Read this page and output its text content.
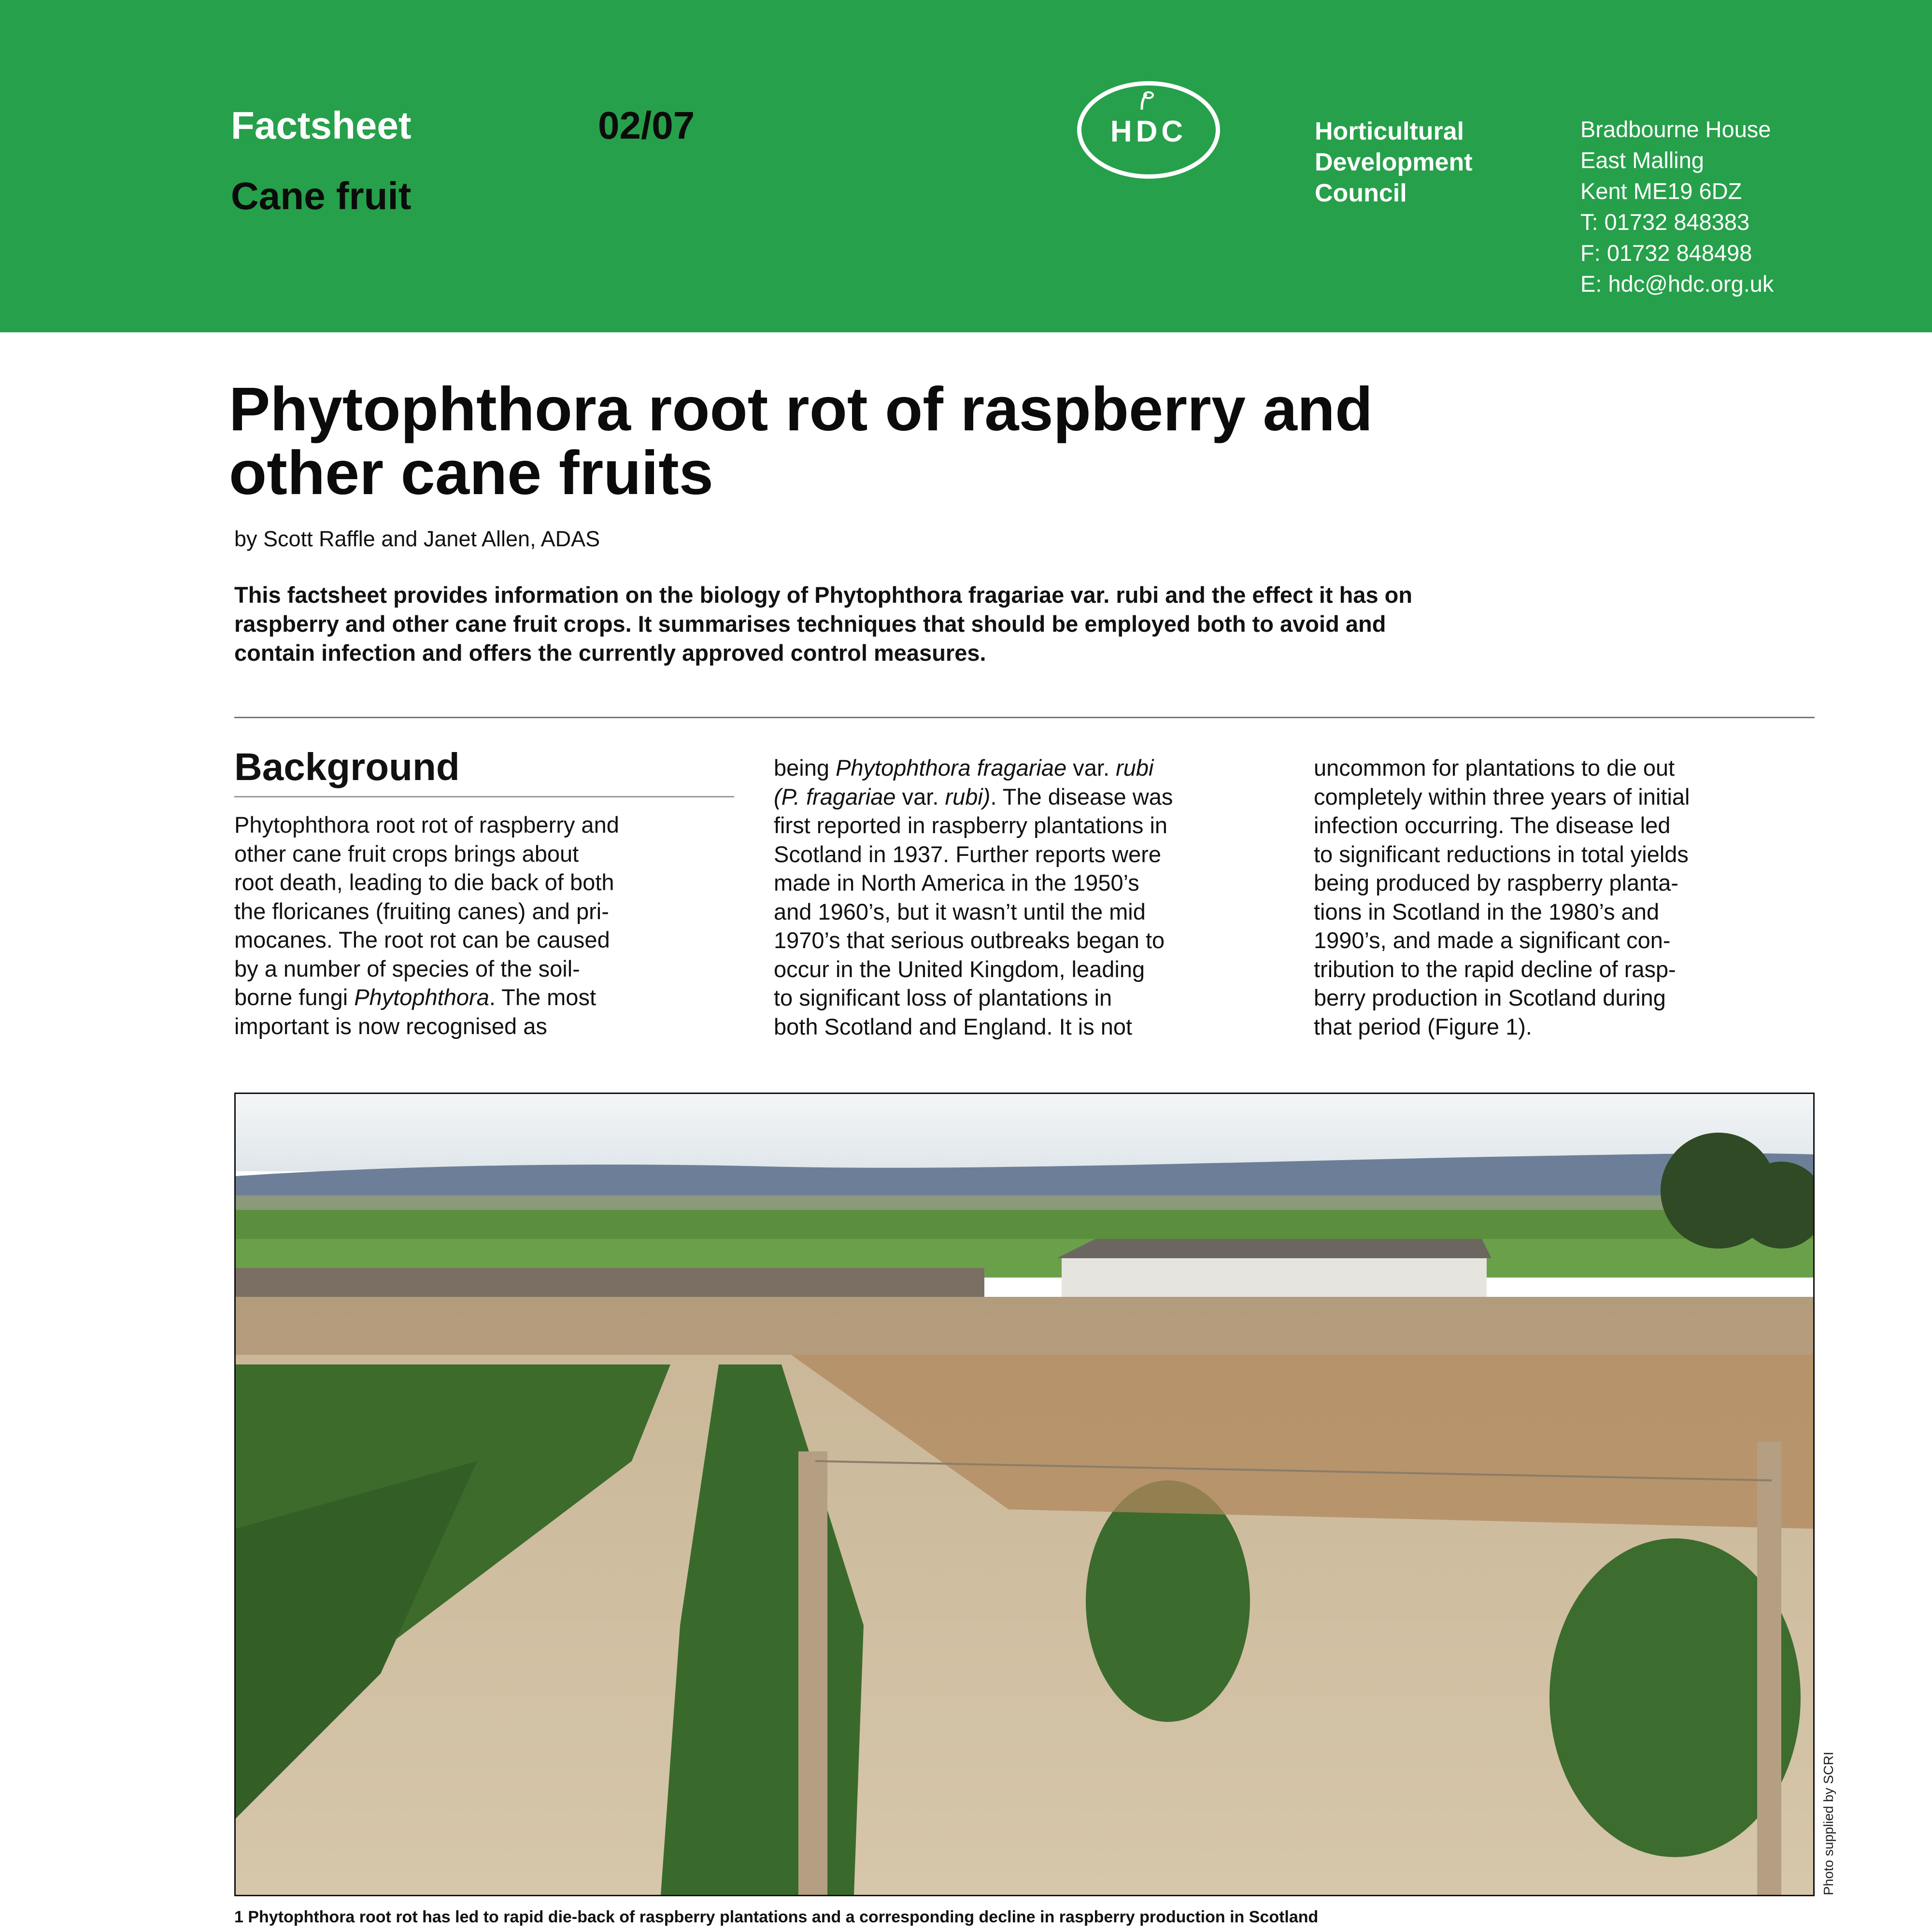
Factsheet	02/07
Cane fruit
HDC	Horticultural
Development
Council
Bradbourne House
East Malling
Kent ME19 6DZ
T: 01732 848383
F: 01732 848498
E: hdc@hdc.org.uk
Phytophthora root rot of raspberry and
other cane fruits
by Scott Raffle and Janet Allen, ADAS
This factsheet provides information on the biology of Phytophthora fragariae var. rubi and the effect it has on
raspberry and other cane fruit crops. It summarises techniques that should be employed both to avoid and
contain infection and offers the currently approved control measures.
Background
Phytophthora root rot of raspberry and
other cane fruit crops brings about
root death, leading to die back of both
the floricanes (fruiting canes) and pri-
mocanes. The root rot can be caused
by a number of species of the soil-
borne fungi Phytophthora. The most
important is now recognised as
being Phytophthora fragariae var. rubi
(P. fragariae var. rubi). The disease was
first reported in raspberry plantations in
Scotland in 1937. Further reports were
made in North America in the 1950’s
and 1960’s, but it wasn’t until the mid
1970’s that serious outbreaks began to
occur in the United Kingdom, leading
to significant loss of plantations in
both Scotland and England. It is not
uncommon for plantations to die out
completely within three years of initial
infection occurring. The disease led
to significant reductions in total yields
being produced by raspberry planta-
tions in Scotland in the 1980’s and
1990’s, and made a significant con-
tribution to the rapid decline of rasp-
berry production in Scotland during
that period (Figure 1).
Photo supplied by SCRI
1 Phytophthora root rot has led to rapid die-back of raspberry plantations and a corresponding decline in raspberry production in Scotland
